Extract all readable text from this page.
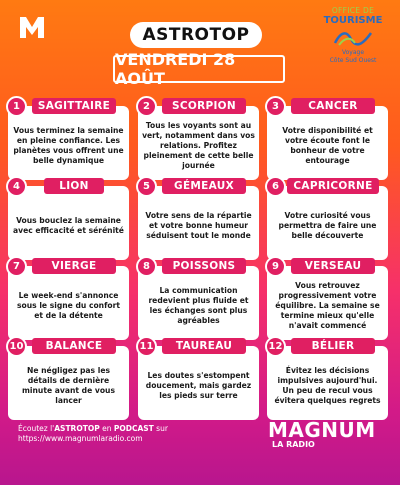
ASTROTOP
VENDREDI 28 AOÛT
OFFICE DE
TOURISME
Voyage
Côte Sud Ouest
Vous terminez la semaine en pleine confiance. Les planètes vous offrent une belle dynamique
SAGITTAIRE
1
Tous les voyants sont au vert, notamment dans vos relations. Profitez pleinement de cette belle journée
SCORPION
2
Votre disponibilité et votre écoute font le bonheur de votre entourage
CANCER
3
Vous bouclez la semaine avec efficacité et sérénité
LION
4
Votre sens de la répartie et votre bonne humeur séduisent tout le monde
GÉMEAUX
5
Votre curiosité vous permettra de faire une belle découverte
CAPRICORNE
6
Le week-end s'annonce sous le signe du confort et de la détente
VIERGE
7
La communication redevient plus fluide et les échanges sont plus agréables
POISSONS
8
Vous retrouvez progressivement votre équilibre. La semaine se termine mieux qu'elle n'avait commencé
VERSEAU
9
Ne négligez pas les détails de dernière minute avant de vous lancer
BALANCE
10
Les doutes s'estompent doucement, mais gardez les pieds sur terre
TAUREAU
11
Évitez les décisions impulsives aujourd'hui. Un peu de recul vous évitera quelques regrets
BÉLIER
12
Écoutez l'ASTROTOP en PODCAST sur
https://www.magnumlaradio.com	MAGNUM
LA RADIO
